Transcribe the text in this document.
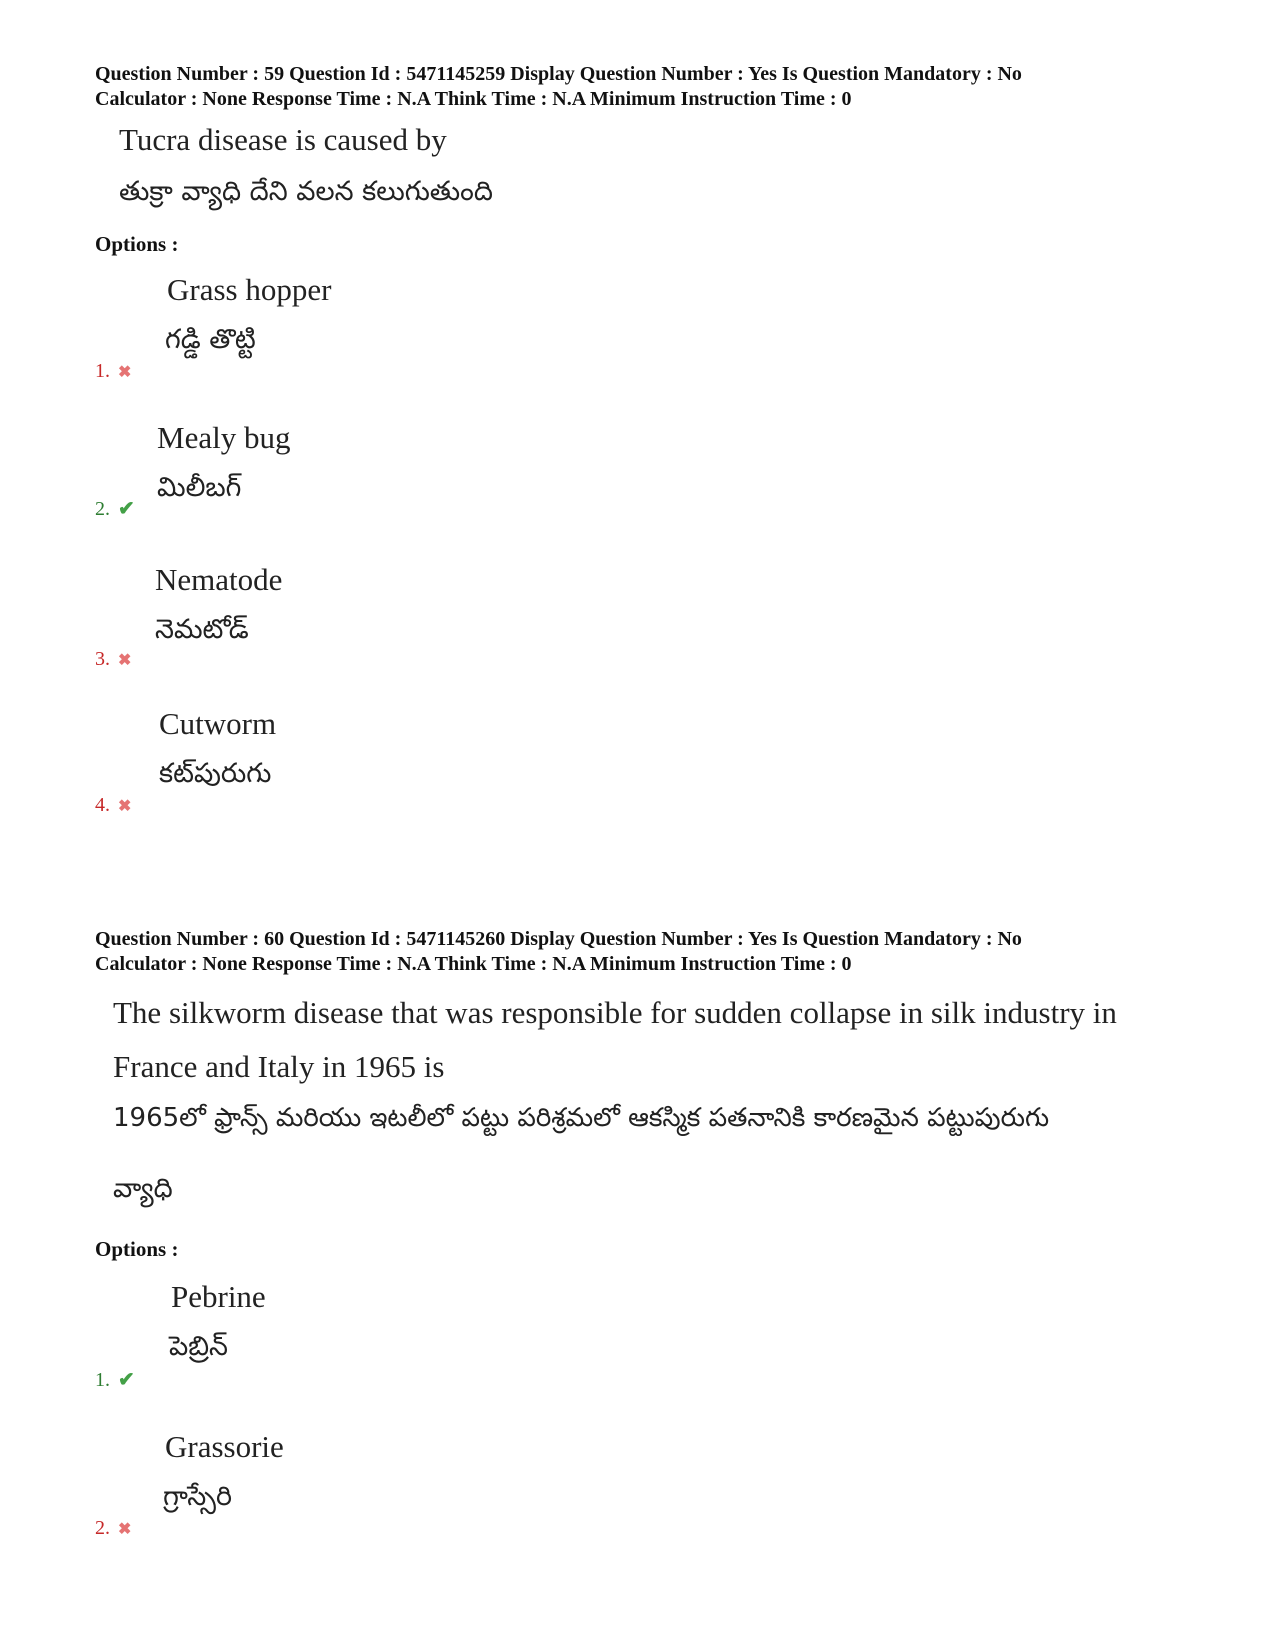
Question Number : 59 Question Id : 5471145259 Display Question Number : Yes Is Question Mandatory : No

Calculator : None Response Time : N.A Think Time : N.A Minimum Instruction Time : 0

Tucra disease is caused by
తుక్రా వ్యాధి దేని వలన కలుగుతుంది
Options :
Grass hopper
గడ్డి తొట్టి
1. ✖
Mealy bug
మిలీబగ్
2. ✔
Nematode
నెమటోడ్
3. ✖
Cutworm
కట్‌పురుగు
4. ✖

Question Number : 60 Question Id : 5471145260 Display Question Number : Yes Is Question Mandatory : No

Calculator : None Response Time : N.A Think Time : N.A Minimum Instruction Time : 0

The silkworm disease that was responsible for sudden collapse in silk industry in
France and Italy in 1965 is
1965లో ఫ్రాన్స్ మరియు ఇటలీలో పట్టు పరిశ్రమలో ఆకస్మిక పతనానికి కారణమైన పట్టుపురుగు
వ్యాధి
Options :
Pebrine
పెబ్రిన్
1. ✔
Grassorie
గ్రాస్సేరి
2. ✖
